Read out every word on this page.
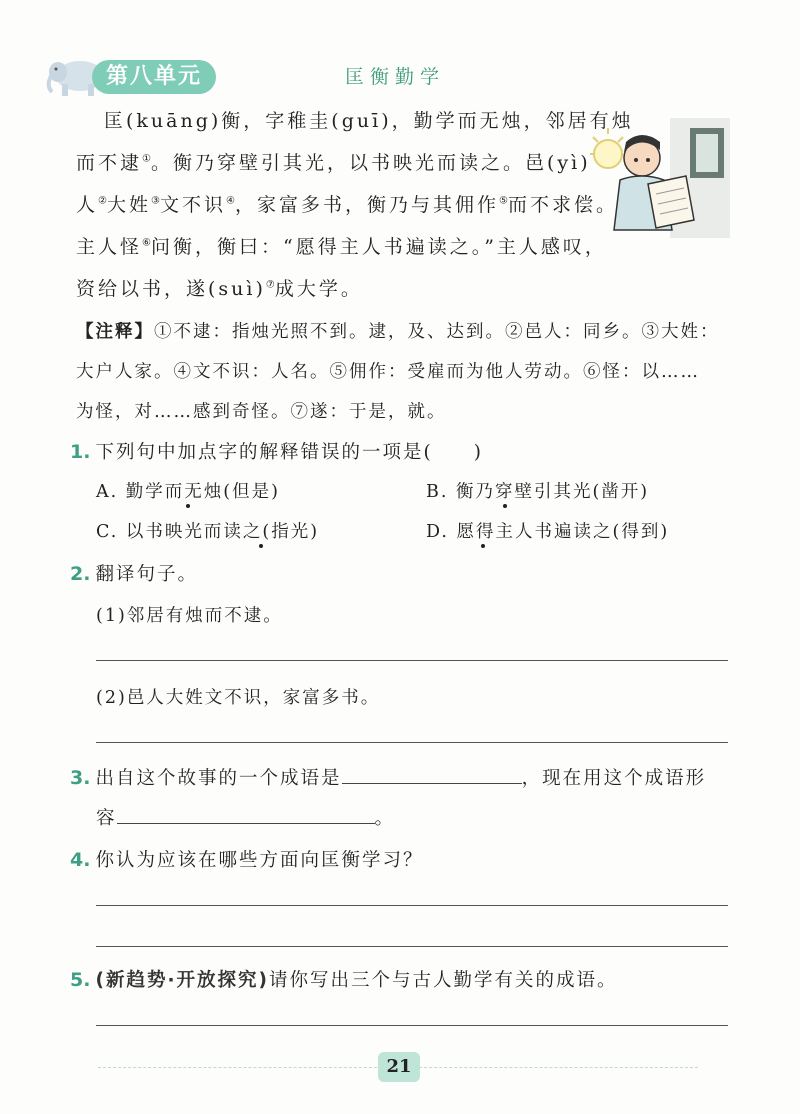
第八单元	匡衡勤学
匡(kuāng)衡，字稚圭(guī)，勤学而无烛，邻居有烛
而不逮①。衡乃穿壁引其光，以书映光而读之。邑(yì)
人②大姓③文不识④，家富多书，衡乃与其佣作⑤而不求偿。
主人怪⑥问衡，衡曰：“愿得主人书遍读之。”主人感叹，
资给以书，遂(suì)⑦成大学。
【注释】①不逮：指烛光照不到。逮，及、达到。②邑人：同乡。③大姓：
大户人家。④文不识：人名。⑤佣作：受雇而为他人劳动。⑥怪：以……
为怪，对……感到奇怪。⑦遂：于是，就。
1. 下列句中加点字的解释错误的一项是(　　)
A. 勤学而无烛(但是)	B. 衡乃穿壁引其光(凿开)
C. 以书映光而读之(指光)	D. 愿得主人书遍读之(得到)
2. 翻译句子。
(1)邻居有烛而不逮。
(2)邑人大姓文不识，家富多书。
3. 出自这个故事的一个成语是	，现在用这个成语形
容	。
4. 你认为应该在哪些方面向匡衡学习？
5. (新趋势·开放探究)请你写出三个与古人勤学有关的成语。
21
